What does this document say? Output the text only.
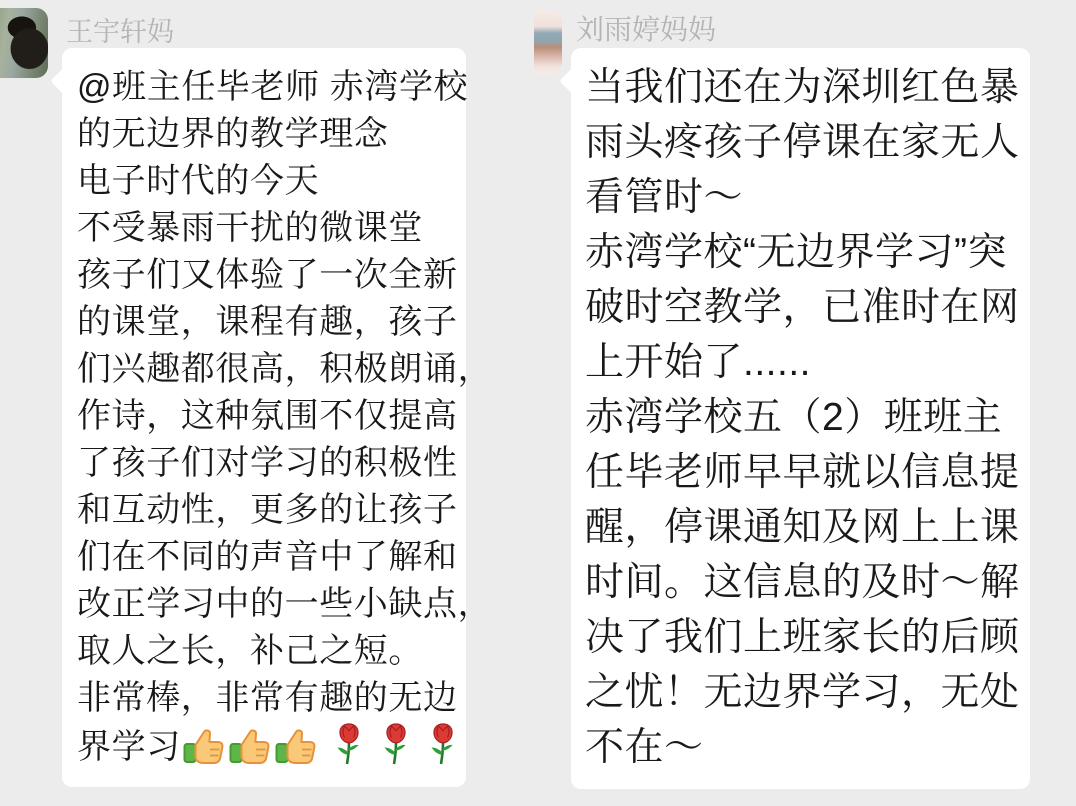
王宇轩妈
@班主任毕老师 赤湾学校
的无边界的教学理念
电子时代的今天
不受暴雨干扰的微课堂
孩子们又体验了一次全新
的课堂，课程有趣，孩子
们兴趣都很高，积极朗诵，
作诗，这种氛围不仅提高
了孩子们对学习的积极性
和互动性，更多的让孩子
们在不同的声音中了解和
改正学习中的一些小缺点，
取人之长，补己之短。
非常棒，非常有趣的无边
界学习
刘雨婷妈妈
当我们还在为深圳红色暴
雨头疼孩子停课在家无人
看管时～
赤湾学校“无边界学习”突
破时空教学，已准时在网
上开始了......
赤湾学校五（2）班班主
任毕老师早早就以信息提
醒，停课通知及网上上课
时间。这信息的及时～解
决了我们上班家长的后顾
之忧！无边界学习，无处
不在～
